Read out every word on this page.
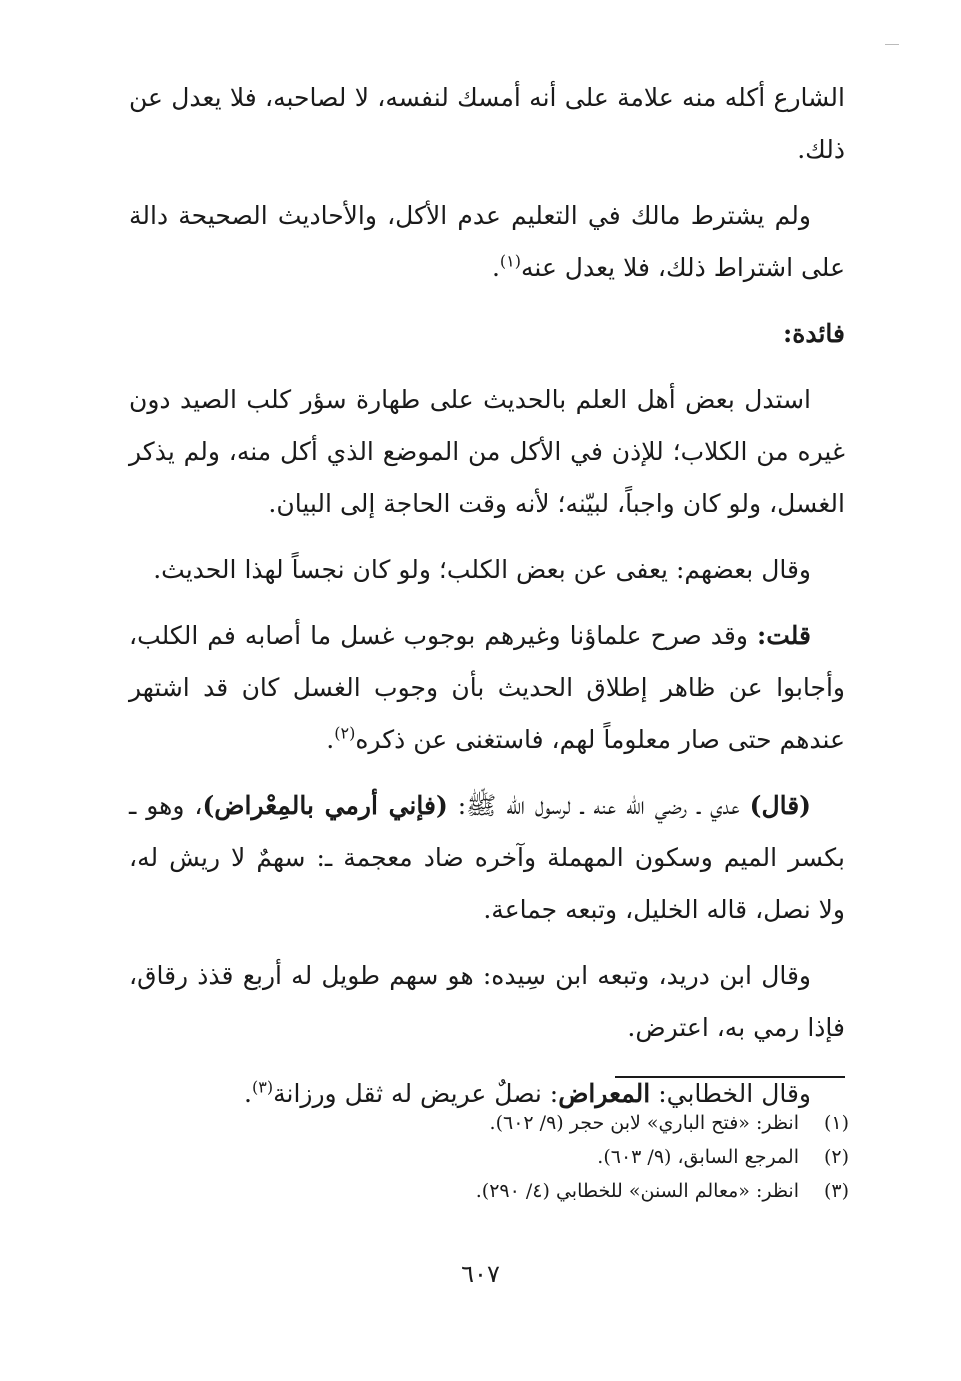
الشارع أكله منه علامة على أنه أمسك لنفسه، لا لصاحبه، فلا يعدل عن ذلك.

ولم يشترط مالك في التعليم عدم الأكل، والأحاديث الصحيحة دالة على اشتراط ذلك، فلا يعدل عنه$^{(١)}$.

فائدة:

استدل بعض أهل العلم بالحديث على طهارة سؤر كلب الصيد دون غيره من الكلاب؛ للإذن في الأكل من الموضع الذي أكل منه، ولم يذكر الغسل، ولو كان واجباً، لبيّنه؛ لأنه وقت الحاجة إلى البيان.

وقال بعضهم: يعفى عن بعض الكلب؛ ولو كان نجساً لهذا الحديث.

قلت: وقد صرح علماؤنا وغيرهم بوجوب غسل ما أصابه فم الكلب، وأجابوا عن ظاهر إطلاق الحديث بأن وجوب الغسل كان قد اشتهر عندهم حتى صار معلوماً لهم، فاستغنى عن ذكره$^{(٢)}$.

(قال) عدي ـ رضي الله عنه ـ لرسول الله ﷺ: (فإني أرمي بالمِعْراض)، وهو ـ بكسر الميم وسكون المهملة وآخره ضاد معجمة ـ: سهمٌ لا ريش له، ولا نصل، قاله الخليل، وتبعه جماعة.

وقال ابن دريد، وتبعه ابن سِيده: هو سهم طويل له أربع قذذ رقاق، فإذا رمي به، اعترض.

وقال الخطابي: المعراض: نصلٌ عريض له ثقل ورزانة$^{(٣)}$.

(١)
انظر: «فتح الباري» لابن حجر (٩/ ٦٠٢).
(٢)
المرجع السابق، (٩/ ٦٠٣).
(٣)
انظر: «معالم السنن» للخطابي (٤/ ٢٩٠).
٦٠٧
